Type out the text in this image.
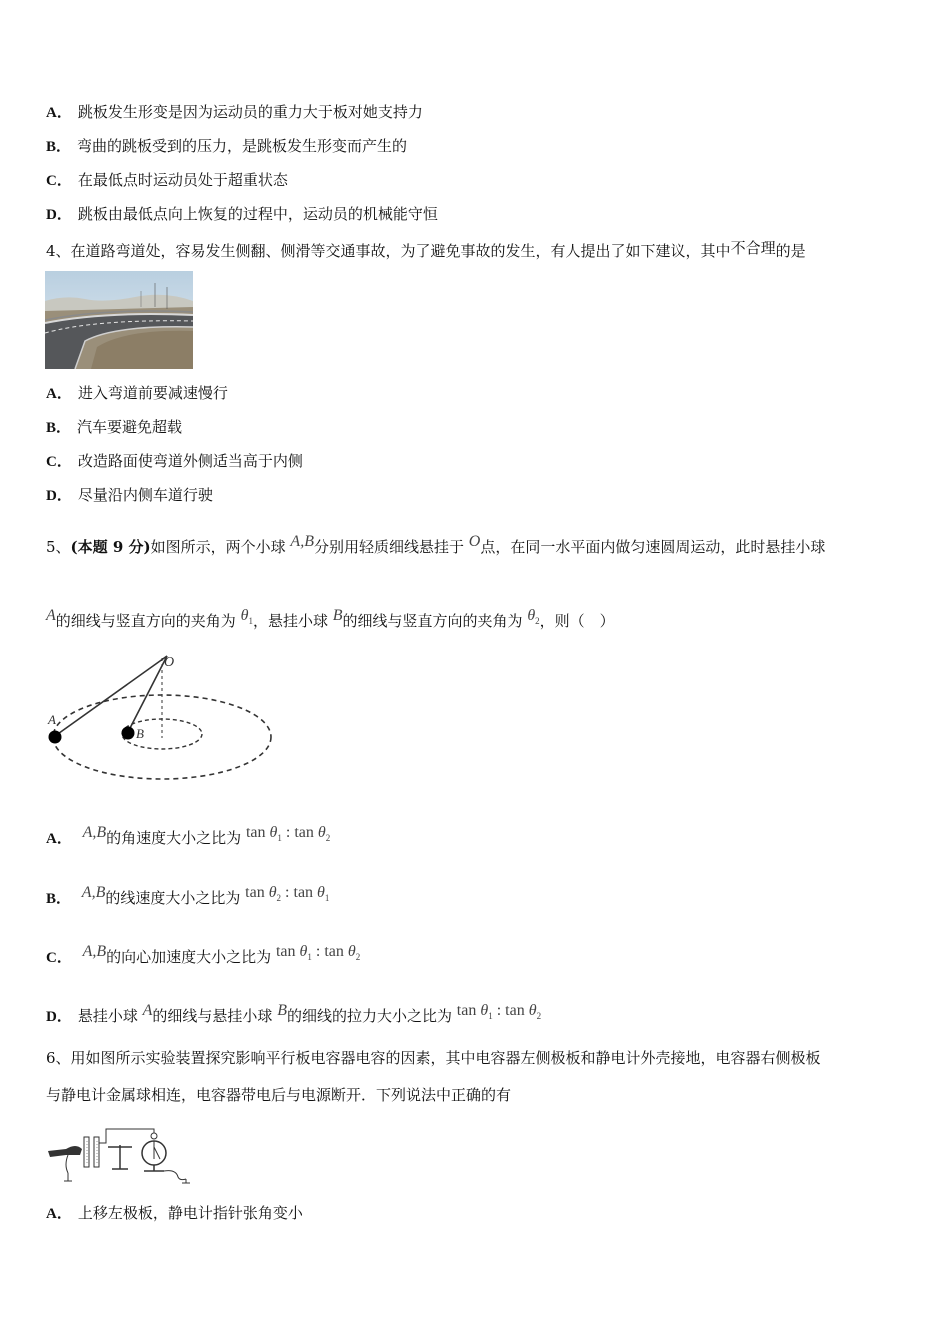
A． 跳板发生形变是因为运动员的重力大于板对她支持力
B． 弯曲的跳板受到的压力，是跳板发生形变而产生的
C． 在最低点时运动员处于超重状态
D． 跳板由最低点向上恢复的过程中，运动员的机械能守恒
4、在道路弯道处，容易发生侧翻、侧滑等交通事故，为了避免事故的发生，有人提出了如下建议，其中不合理的是
A． 进入弯道前要减速慢行
B． 汽车要避免超载
C． 改造路面使弯道外侧适当高于内侧
D． 尽量沿内侧车道行驶
5、(本题 9 分)如图所示，两个小球 A,B分别用轻质细线悬挂于 O点，在同一水平面内做匀速圆周运动，此时悬挂小球
A的细线与竖直方向的夹角为 $\theta_1$，悬挂小球 B的细线与竖直方向的夹角为 $\theta_2$，则（　）
O
A
B
A． A,B的角速度大小之比为 $\tan \theta_1$ : $\tan \theta_2$
B． A,B的线速度大小之比为 $\tan \theta_2$ : $\tan \theta_1$
C． A,B的向心加速度大小之比为 $\tan \theta_1$ : $\tan \theta_2$
D． 悬挂小球 A的细线与悬挂小球 B的细线的拉力大小之比为 $\tan \theta_1$ : $\tan \theta_2$
6、用如图所示实验装置探究影响平行板电容器电容的因素，其中电容器左侧极板和静电计外壳接地，电容器右侧极板
与静电计金属球相连，电容器带电后与电源断开．下列说法中正确的有
A． 上移左极板，静电计指针张角变小
